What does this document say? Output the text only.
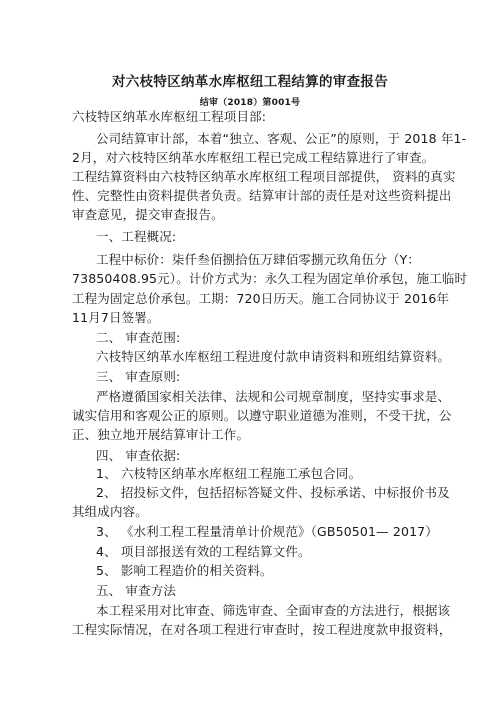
对六枝特区纳革水库枢纽工程结算的审查报告
结审（2018）第001号
六枝特区纳革水库枢纽工程项目部:
公司结算审计部，本着“独立、客观、公正”的原则，于 2018 年1-
2月，对六枝特区纳革水库枢纽工程已完成工程结算进行了审查。
工程结算资料由六枝特区纳革水库枢纽工程项目部提供， 资料的真实
性、完整性由资料提供者负责。结算审计部的责任是对这些资料提出
审查意见，提交审查报告。
一、工程概况:
工程中标价：柒仟叁佰捌拾伍万肆佰零捌元玖角伍分（Y：
73850408.95元）。计价方式为：永久工程为固定单价承包，施工临时
工程为固定总价承包。工期：720日历天。施工合同协议于 2016年
11月7日签署。
二、 审查范围:
六枝特区纳革水库枢纽工程进度付款申请资料和班组结算资料。
三、 审查原则:
严格遵循国家相关法律、法规和公司规章制度，坚持实事求是、
诚实信用和客观公正的原则。以遵守职业道德为准则，不受干扰，公
正、独立地开展结算审计工作。
四、 审查依据:
1、 六枝特区纳革水库枢纽工程施工承包合同。
2、 招投标文件，包括招标答疑文件、投标承诺、中标报价书及
其组成内容。
3、 《水利工程工程量清单计价规范》（GB50501— 2017）
4、 项目部报送有效的工程结算文件。
5、 影响工程造价的相关资料。
五、 审查方法
本工程采用对比审查、筛选审查、全面审查的方法进行，根据该
工程实际情况，在对各项工程进行审查时，按工程进度款申报资料，
